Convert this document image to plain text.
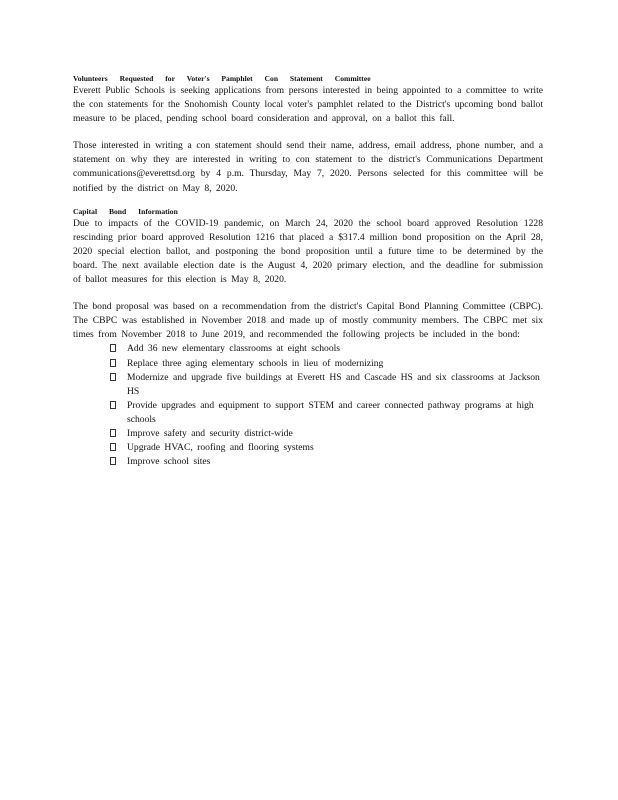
Volunteers Requested for Voter's Pamphlet Con Statement Committee

Everett Public Schools is seeking applications from persons interested in being appointed to a committee to write the con statements for the Snohomish County local voter's pamphlet related to the District's upcoming bond ballot measure to be placed, pending school board consideration and approval, on a ballot this fall.

Those interested in writing a con statement should send their name, address, email address, phone number, and a statement on why they are interested in writing to con statement to the district's Communications Department communications@everettsd.org by 4 p.m. Thursday, May 7, 2020. Persons selected for this committee will be notified by the district on May 8, 2020.

Capital Bond Information

Due to impacts of the COVID-19 pandemic, on March 24, 2020 the school board approved Resolution 1228 rescinding prior board approved Resolution 1216 that placed a $317.4 million bond proposition on the April 28, 2020 special election ballot, and postponing the bond proposition until a future time to be determined by the board. The next available election date is the August 4, 2020 primary election, and the deadline for submission of ballot measures for this election is May 8, 2020.

The bond proposal was based on a recommendation from the district's Capital Bond Planning Committee (CBPC). The CBPC was established in November 2018 and made up of mostly community members. The CBPC met six times from November 2018 to June 2019, and recommended the following projects be included in the bond:

Add 36 new elementary classrooms at eight schools
Replace three aging elementary schools in lieu of modernizing
Modernize and upgrade five buildings at Everett HS and Cascade HS and six classrooms at Jackson HS
Provide upgrades and equipment to support STEM and career connected pathway programs at high schools
Improve safety and security district-wide
Upgrade HVAC, roofing and flooring systems
Improve school sites
